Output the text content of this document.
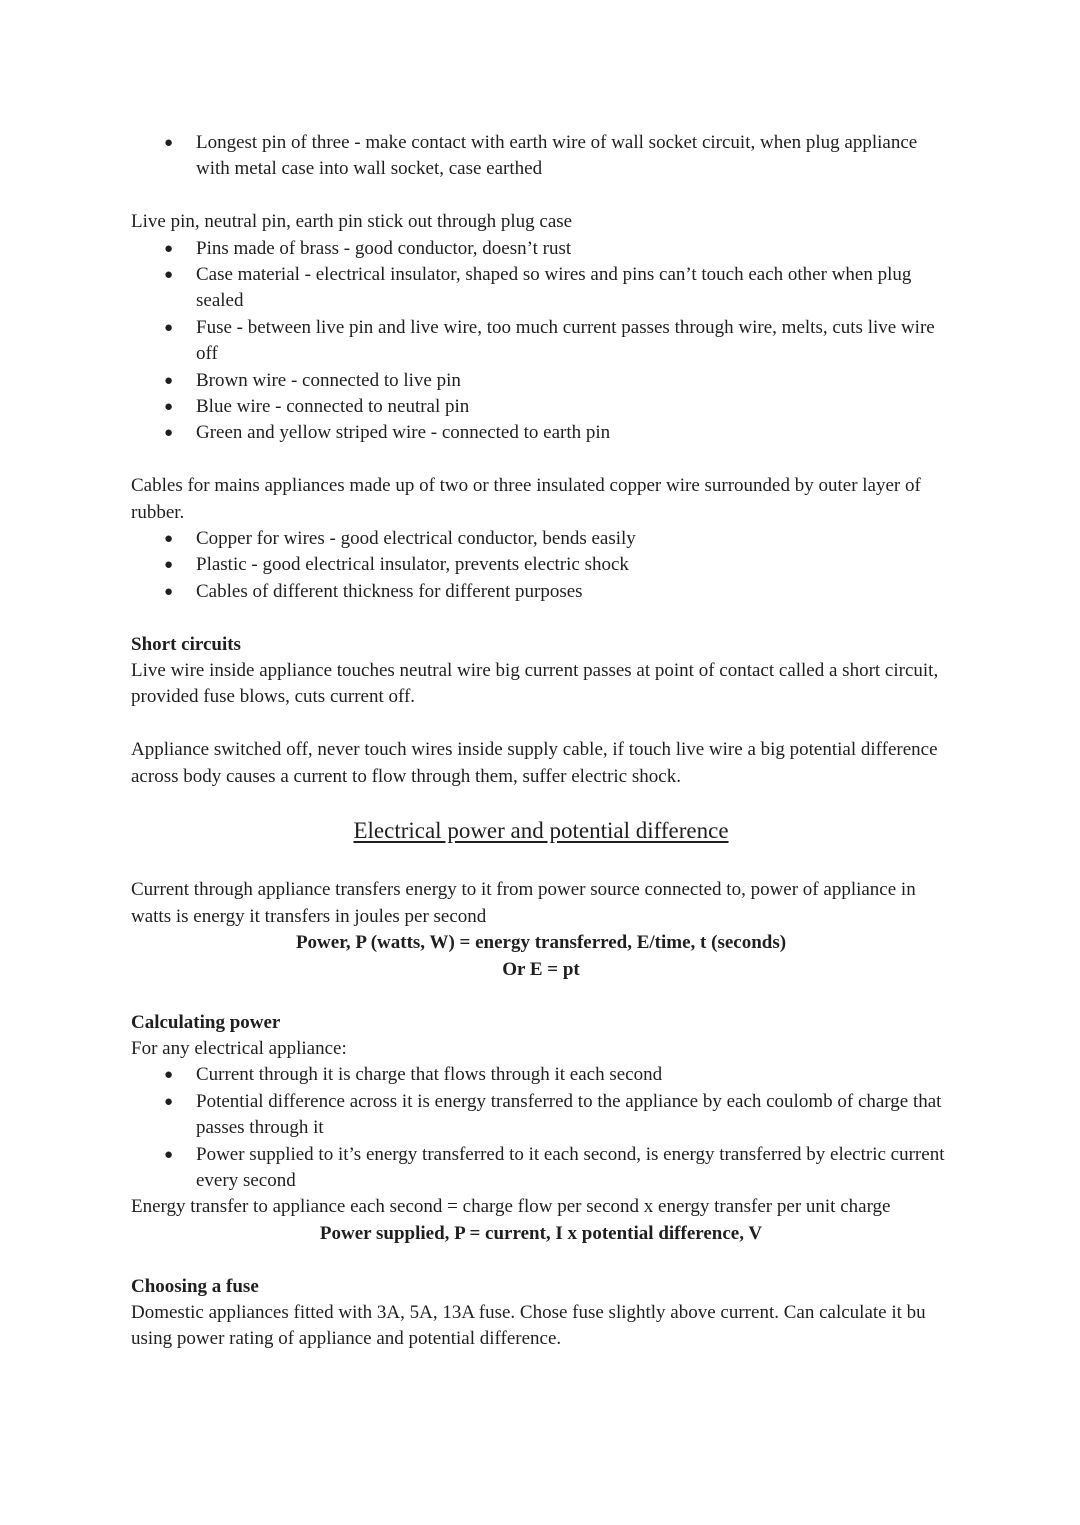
● Longest pin of three - make contact with earth wire of wall socket circuit, when plug appliance with metal case into wall socket, case earthed

Live pin, neutral pin, earth pin stick out through plug case

● Pins made of brass - good conductor, doesn’t rust
● Case material - electrical insulator, shaped so wires and pins can’t touch each other when plug sealed
● Fuse - between live pin and live wire, too much current passes through wire, melts, cuts live wire off
● Brown wire - connected to live pin
● Blue wire - connected to neutral pin
● Green and yellow striped wire - connected to earth pin

Cables for mains appliances made up of two or three insulated copper wire surrounded by outer layer of rubber.

● Copper for wires - good electrical conductor, bends easily
● Plastic - good electrical insulator, prevents electric shock
● Cables of different thickness for different purposes

Short circuits

Live wire inside appliance touches neutral wire big current passes at point of contact called a short circuit, provided fuse blows, cuts current off.

Appliance switched off, never touch wires inside supply cable, if touch live wire a big potential difference across body causes a current to flow through them, suffer electric shock.

Electrical power and potential difference

Current through appliance transfers energy to it from power source connected to, power of appliance in watts is energy it transfers in joules per second

Power, P (watts, W) = energy transferred, E/time, t (seconds)

Or E = pt

Calculating power

For any electrical appliance:

● Current through it is charge that flows through it each second
● Potential difference across it is energy transferred to the appliance by each coulomb of charge that passes through it
● Power supplied to it’s energy transferred to it each second, is energy transferred by electric current every second

Energy transfer to appliance each second = charge flow per second x energy transfer per unit charge

Power supplied, P = current, I x potential difference, V

Choosing a fuse

Domestic appliances fitted with 3A, 5A, 13A fuse. Chose fuse slightly above current. Can calculate it bu using power rating of appliance and potential difference.
